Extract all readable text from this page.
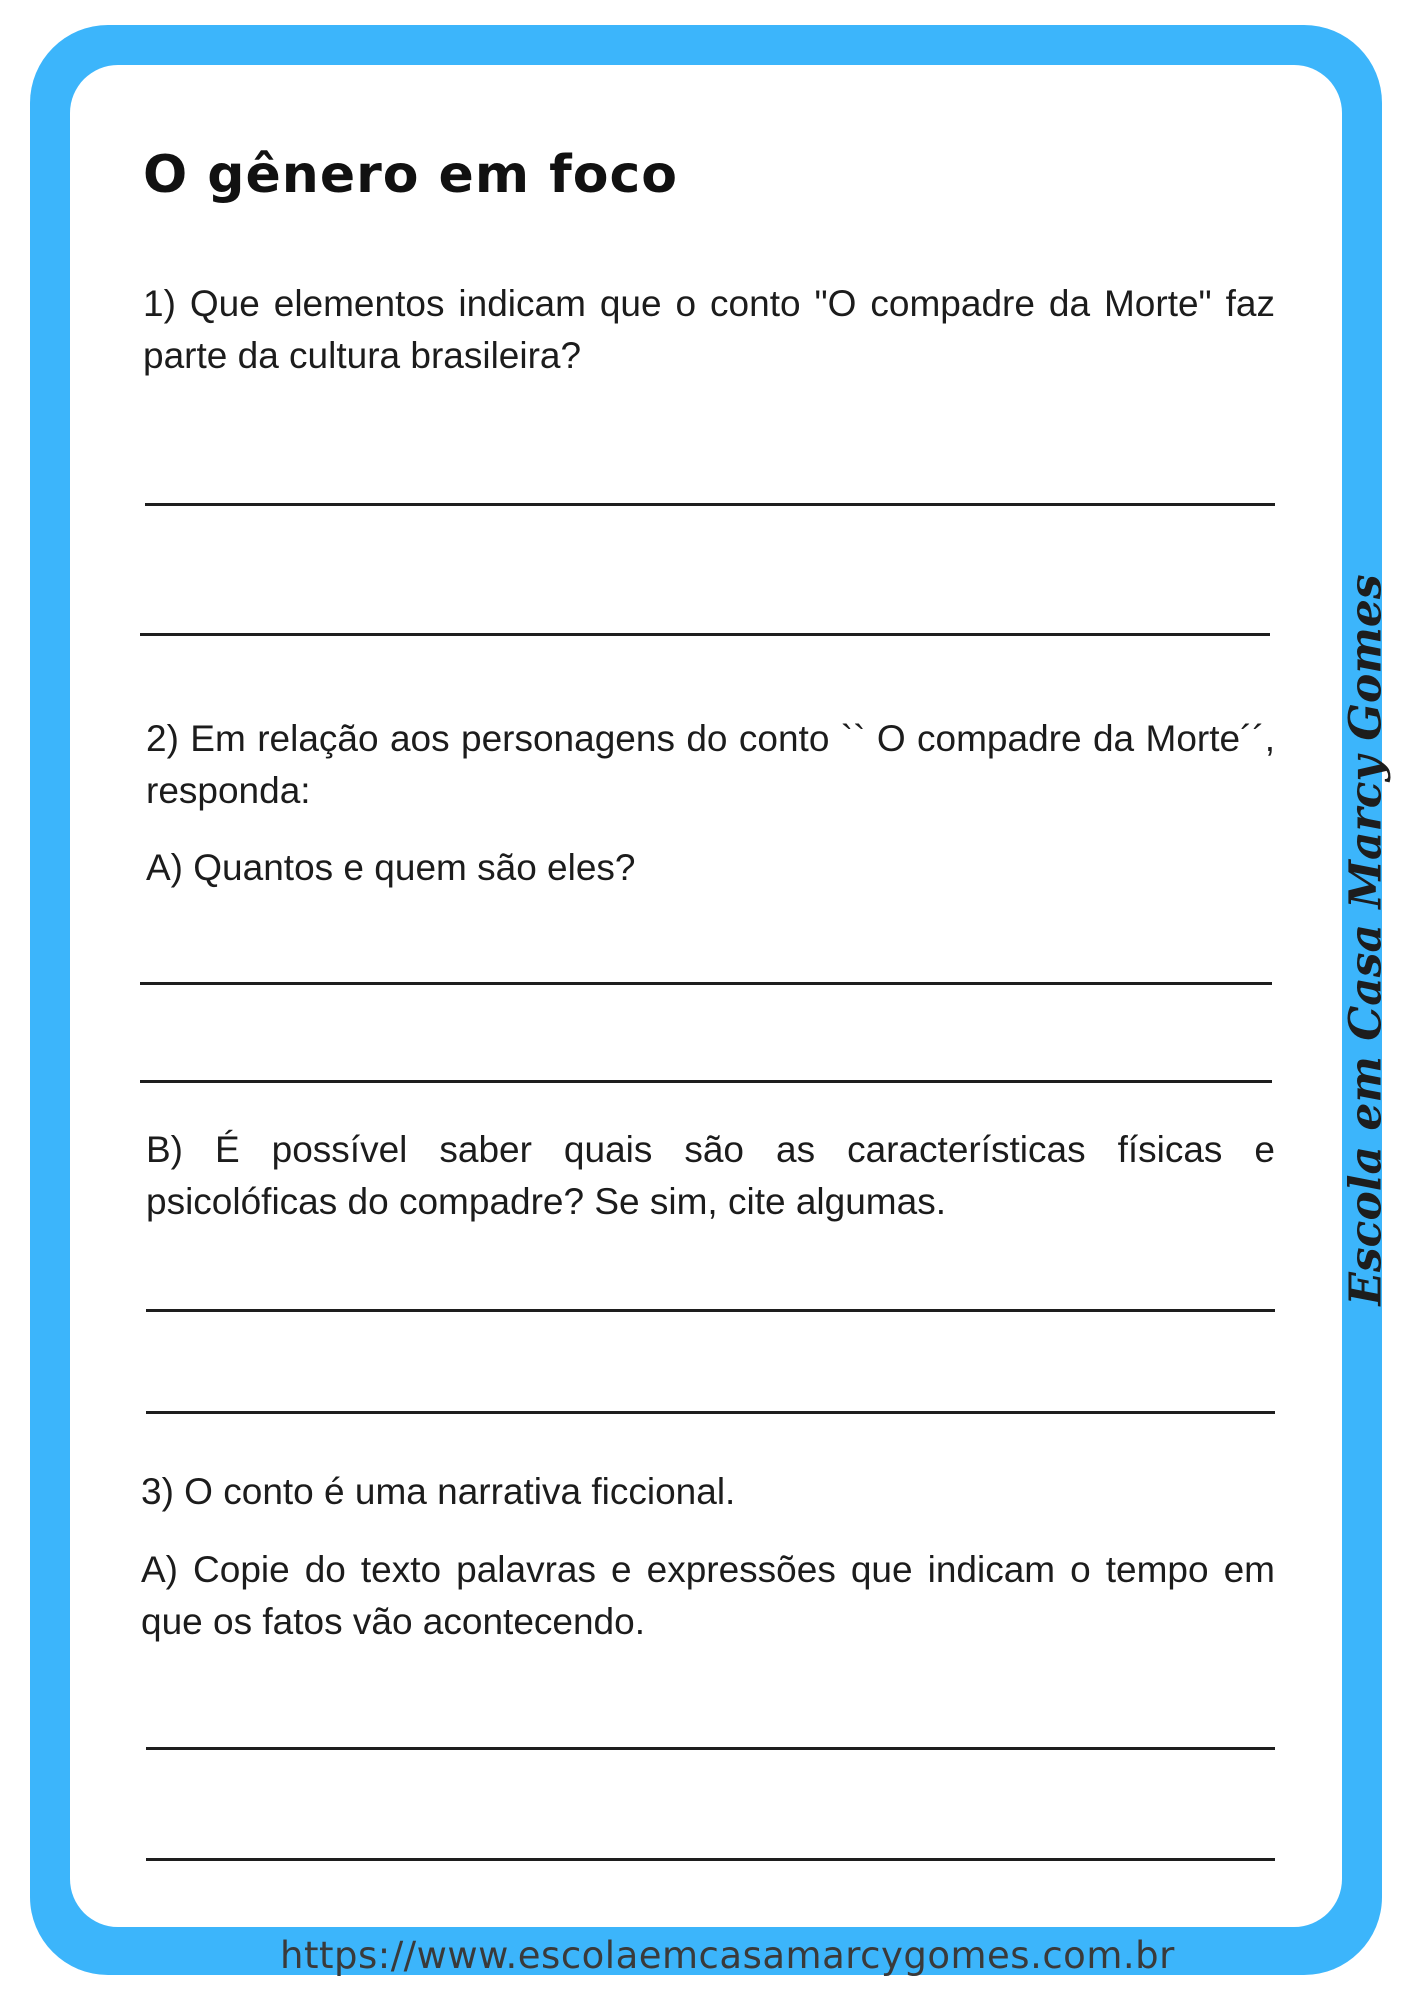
O gênero em foco

1) Que elementos indicam que o conto "O compadre da Morte" faz parte da cultura brasileira?

2) Em relação aos personagens do conto `` O compadre da Morte´´, responda:

A) Quantos e quem são eles?

B) É possível saber quais são as características físicas e psicolóficas do compadre? Se sim, cite algumas.

3) O conto é uma narrativa ficcional.

A) Copie do texto palavras e expressões que indicam o tempo em que os fatos vão acontecendo.

Escola em Casa Marcy Gomes
https://www.escolaemcasamarcygomes.com.br
